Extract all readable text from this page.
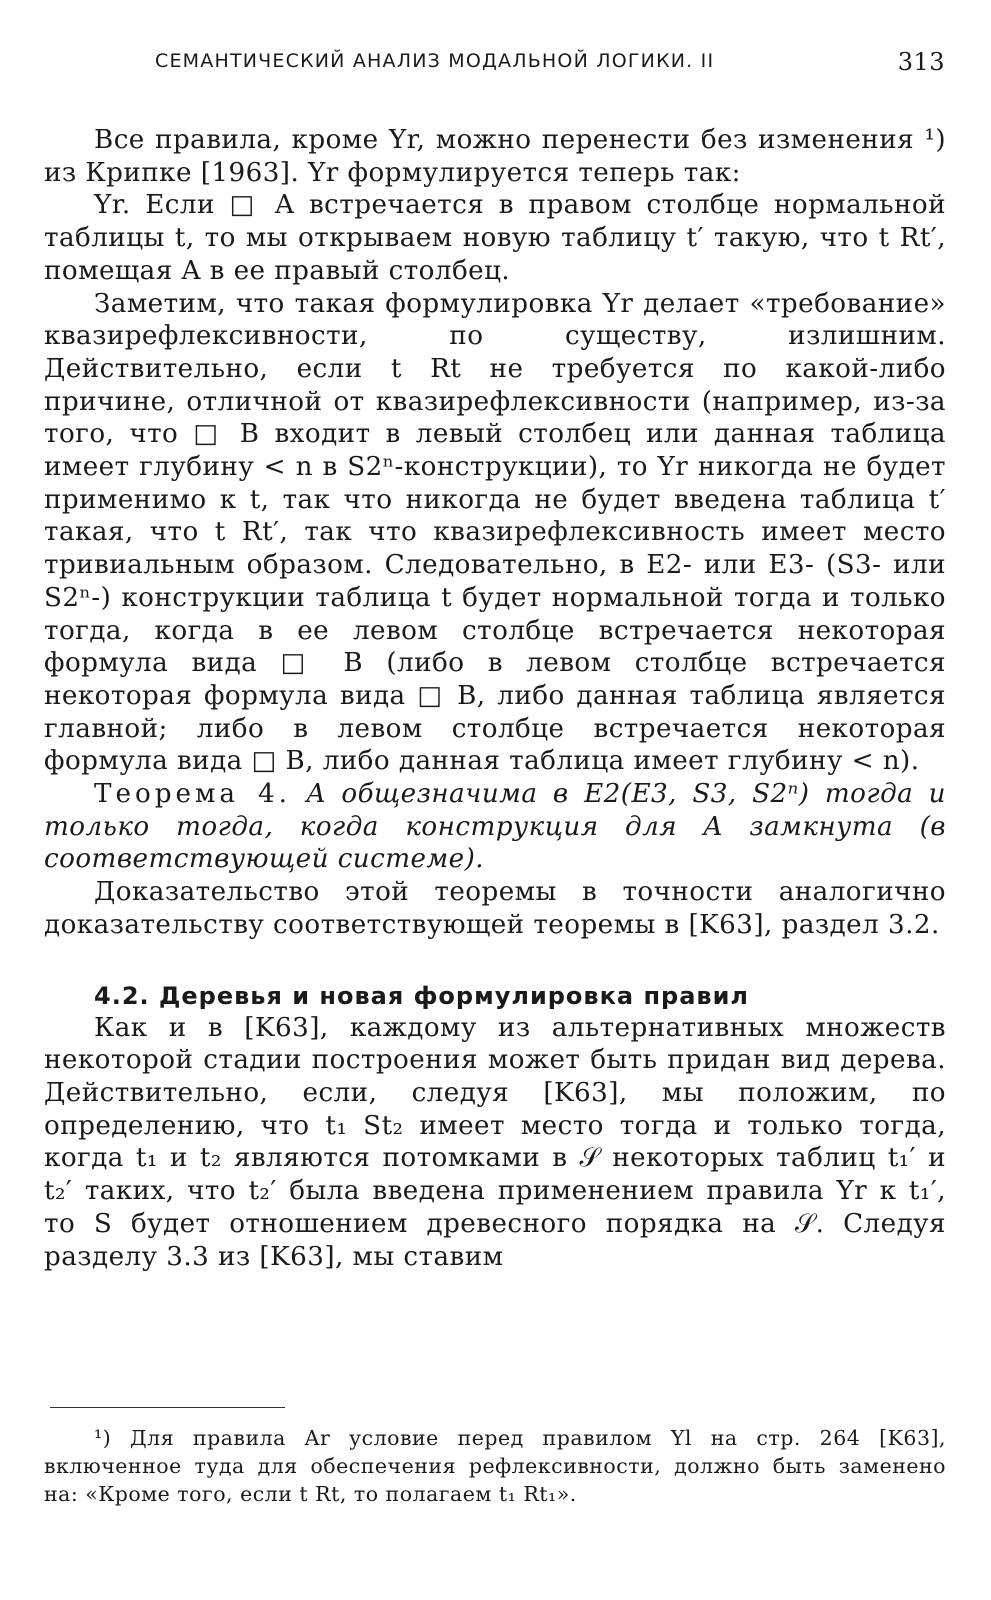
СЕМАНТИЧЕСКИЙ АНАЛИЗ МОДАЛЬНОЙ ЛОГИКИ. II	313

Все правила, кроме Yr, можно перенести без изменения ¹) из Крипке [1963]. Yr формулируется теперь так:

Yr. Если □ A встречается в правом столбце нормальной таблицы t, то мы открываем новую таблицу t′ такую, что t Rt′, помещая A в ее правый столбец.

Заметим, что такая формулировка Yr делает «требование» квазирефлексивности, по существу, излишним. Действительно, если t Rt не требуется по какой-либо причине, отличной от квазирефлексивности (например, из-за того, что □ B входит в левый столбец или данная таблица имеет глубину < n в S2ⁿ-конструкции), то Yr никогда не будет применимо к t, так что никогда не будет введена таблица t′ такая, что t Rt′, так что квазирефлексивность имеет место тривиальным образом. Следовательно, в E2- или E3- (S3- или S2ⁿ-) конструкции таблица t будет нормальной тогда и только тогда, когда в ее левом столбце встречается некоторая формула вида □ B (либо в левом столбце встречается некоторая формула вида □ B, либо данная таблица является главной; либо в левом столбце встречается некоторая формула вида □ B, либо данная таблица имеет глубину < n).

Теорема 4. A общезначима в E2(E3, S3, S2ⁿ) тогда и только тогда, когда конструкция для A замкнута (в соответствующей системе).

Доказательство этой теоремы в точности аналогично доказательству соответствующей теоремы в [K63], раздел 3.2.

4.2. Деревья и новая формулировка правил

Как и в [K63], каждому из альтернативных множеств некоторой стадии построения может быть придан вид дерева. Действительно, если, следуя [K63], мы положим, по определению, что t₁ St₂ имеет место тогда и только тогда, когда t₁ и t₂ являются потомками в 𝒮 некоторых таблиц t₁′ и t₂′ таких, что t₂′ была введена применением правила Yr к t₁′, то S будет отношением древесного порядка на 𝒮. Следуя разделу 3.3 из [K63], мы ставим

¹) Для правила Ar условие перед правилом Yl на стр. 264 [K63], включенное туда для обеспечения рефлексивности, должно быть заменено на: «Кроме того, если t Rt, то полагаем t₁ Rt₁».
